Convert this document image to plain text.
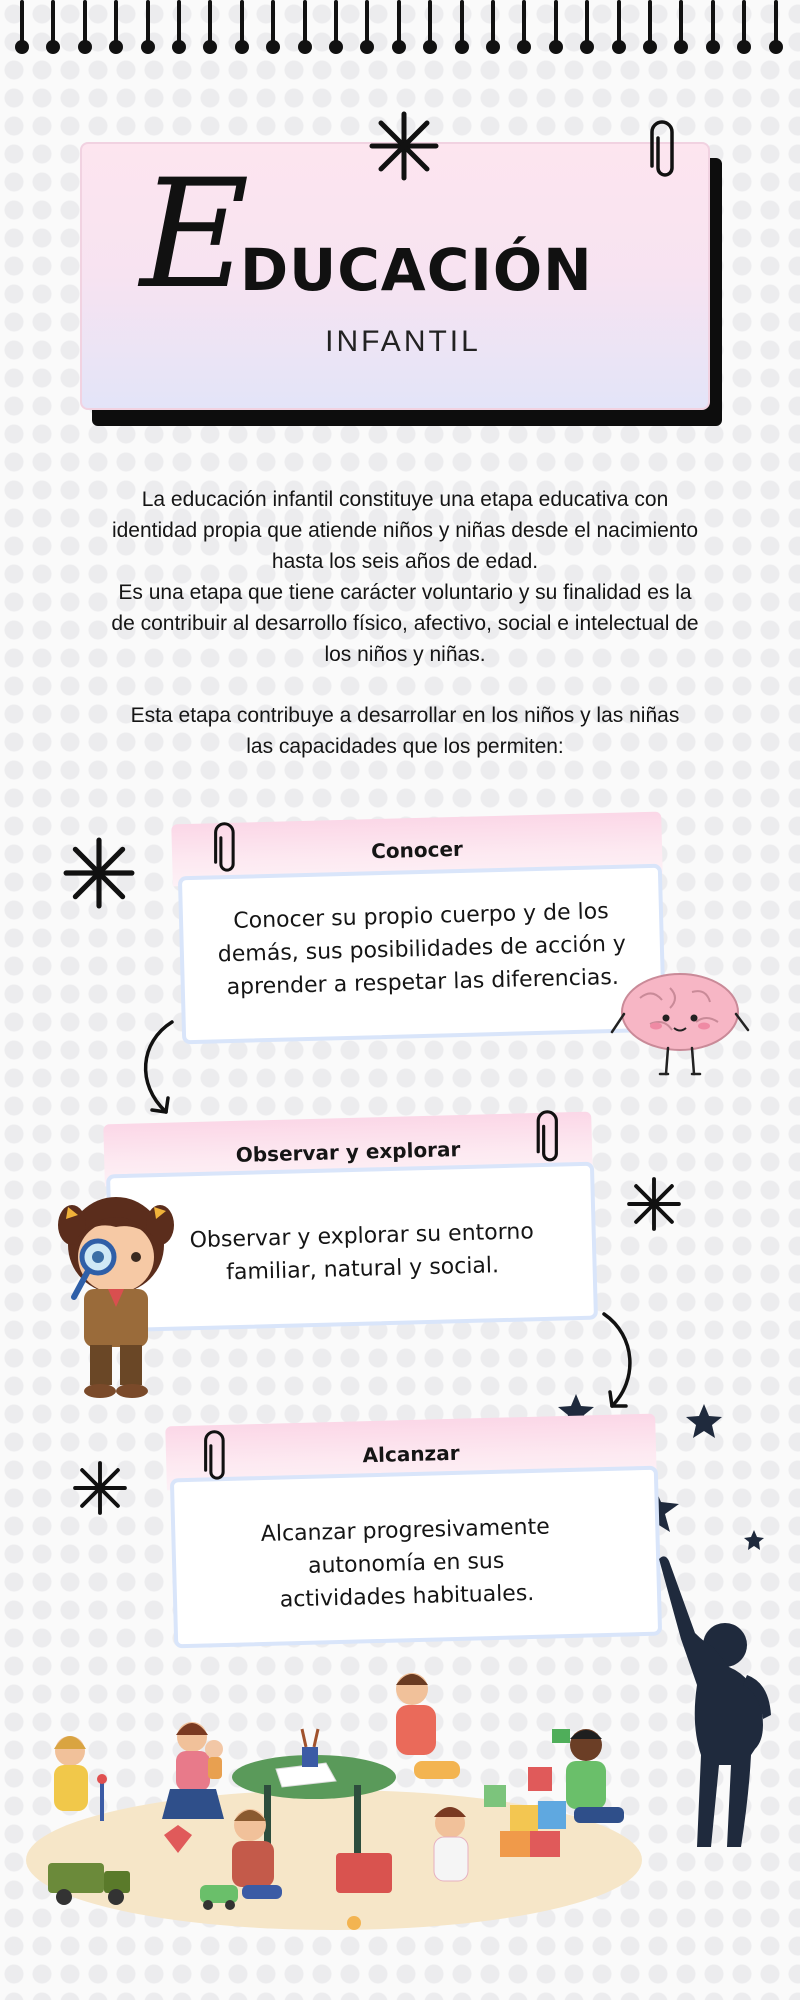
E
DUCACIÓN
INFANTIL
La educación infantil constituye una etapa educativa con identidad propia que atiende niños y niñas desde el nacimiento hasta los seis años de edad.
Es una etapa que tiene carácter voluntario y su finalidad es la de contribuir al desarrollo físico, afectivo, social e intelectual de los niños y niñas.
Esta etapa contribuye a desarrollar en los niños y las niñas las capacidades que los permiten:
Conocer
Conocer su propio cuerpo y de los demás, sus posibilidades de acción y aprender a respetar las diferencias.
Observar y explorar
Observar y explorar su entorno familiar, natural y social.
Alcanzar
Alcanzar progresivamente autonomía en sus actividades habituales.
